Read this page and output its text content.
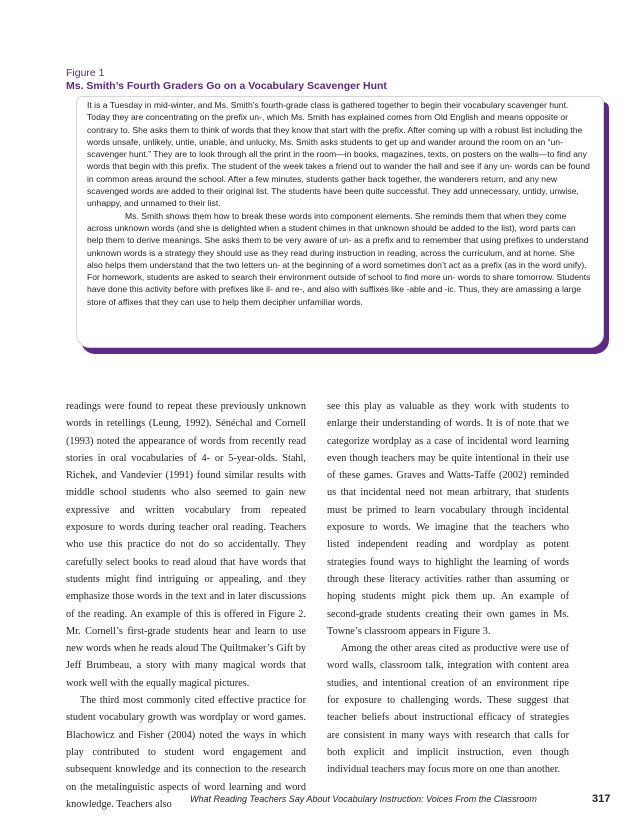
Figure 1
Ms. Smith’s Fourth Graders Go on a Vocabulary Scavenger Hunt

It is a Tuesday in mid-winter, and Ms. Smith’s fourth-grade class is gathered together to begin their vocabulary scavenger hunt. Today they are concentrating on the prefix un-, which Ms. Smith has explained comes from Old English and means opposite or contrary to. She asks them to think of words that they know that start with the prefix. After coming up with a robust list including the words unsafe, unlikely, untie, unable, and unlucky, Ms. Smith asks students to get up and wander around the room on an “un- scavenger hunt.” They are to look through all the print in the room—in books, magazines, texts, on posters on the walls—to find any words that begin with this prefix. The student of the week takes a friend out to wander the hall and see if any un- words can be found in common areas around the school. After a few minutes, students gather back together, the wanderers return, and any new scavenged words are added to their original list. The students have been quite successful. They add unnecessary, untidy, unwise, unhappy, and unnamed to their list.

Ms. Smith shows them how to break these words into component elements. She reminds them that when they come across unknown words (and she is delighted when a student chimes in that unknown should be added to the list), word parts can help them to derive meanings. She asks them to be very aware of un- as a prefix and to remember that using prefixes to understand unknown words is a strategy they should use as they read during instruction in reading, across the curriculum, and at home. She also helps them understand that the two letters un- at the beginning of a word sometimes don’t act as a prefix (as in the word unify). For homework, students are asked to search their environment outside of school to find more un- words to share tomorrow. Students have done this activity before with prefixes like il- and re-, and also with suffixes like -able and -ic. Thus, they are amassing a large store of affixes that they can use to help them decipher unfamiliar words.

readings were found to repeat these previously unknown words in retellings (Leung, 1992). Sénéchal and Cornell (1993) noted the appearance of words from recently read stories in oral vocabularies of 4- or 5-year-olds. Stahl, Richek, and Vandevier (1991) found similar results with middle school students who also seemed to gain new expressive and written vocabulary from repeated exposure to words during teacher oral reading. Teachers who use this practice do not do so accidentally. They carefully select books to read aloud that have words that students might find intriguing or appealing, and they emphasize those words in the text and in later discussions of the reading. An example of this is offered in Figure 2. Mr. Cornell’s first-grade students hear and learn to use new words when he reads aloud The Quiltmaker’s Gift by Jeff Brumbeau, a story with many magical words that work well with the equally magical pictures.

The third most commonly cited effective practice for student vocabulary growth was wordplay or word games. Blachowicz and Fisher (2004) noted the ways in which play contributed to student word engagement and subsequent knowledge and its connection to the research on the metalinguistic aspects of word learning and word knowledge. Teachers also

see this play as valuable as they work with students to enlarge their understanding of words. It is of note that we categorize wordplay as a case of incidental word learning even though teachers may be quite intentional in their use of these games. Graves and Watts-Taffe (2002) reminded us that incidental need not mean arbitrary, that students must be primed to learn vocabulary through incidental exposure to words. We imagine that the teachers who listed independent reading and wordplay as potent strategies found ways to highlight the learning of words through these literacy activities rather than assuming or hoping students might pick them up. An example of second-grade students creating their own games in Ms. Towne’s classroom appears in Figure 3.

Among the other areas cited as productive were use of word walls, classroom talk, integration with content area studies, and intentional creation of an environment ripe for exposure to challenging words. These suggest that teacher beliefs about instructional efficacy of strategies are consistent in many ways with research that calls for both explicit and implicit instruction, even though individual teachers may focus more on one than another.

What Reading Teachers Say About Vocabulary Instruction: Voices From the Classroom	317
